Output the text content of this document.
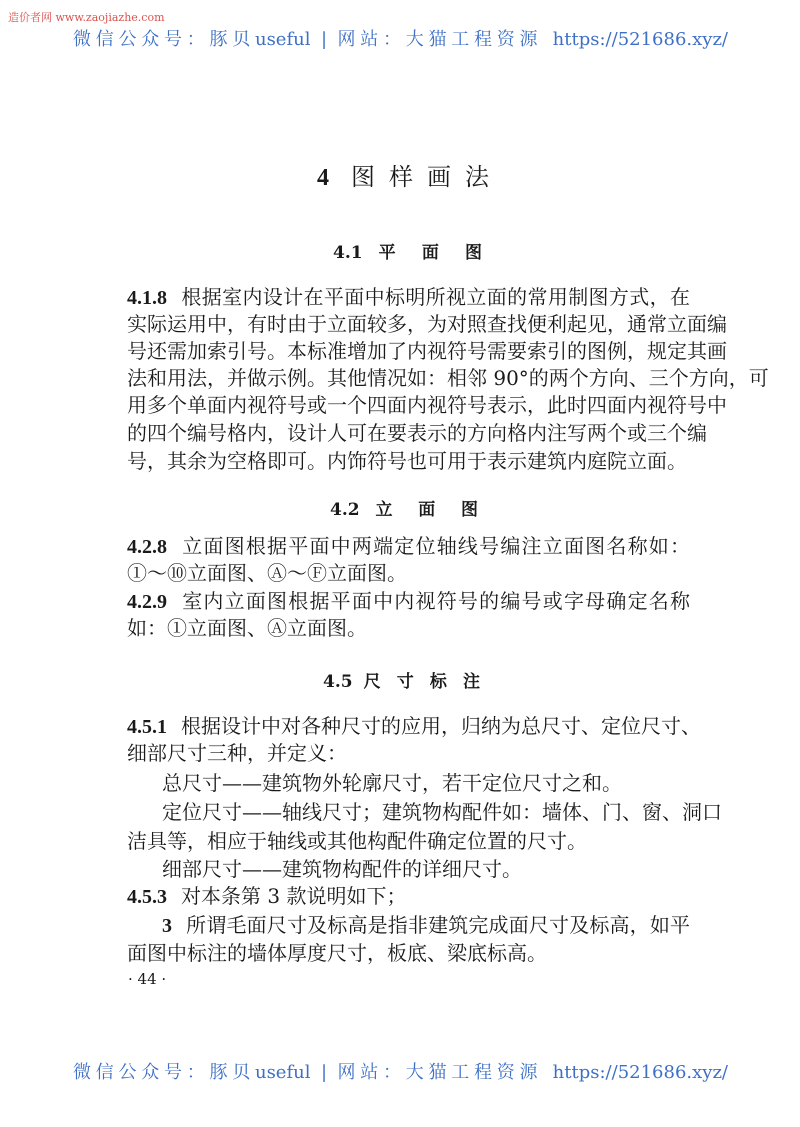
造价者网 www.zaojiazhe.com
微信公众号：豚贝useful | 网站：大猫工程资源 https://521686.xyz/
4 图样画法
4.1 平 面 图
4.1.8 根据室内设计在平面中标明所视立面的常用制图方式，在
实际运用中，有时由于立面较多，为对照查找便利起见，通常立面编
号还需加索引号。本标准增加了内视符号需要索引的图例，规定其画
法和用法，并做示例。其他情况如：相邻 90°的两个方向、三个方向，可
用多个单面内视符号或一个四面内视符号表示，此时四面内视符号中
的四个编号格内，设计人可在要表示的方向格内注写两个或三个编
号，其余为空格即可。内饰符号也可用于表示建筑内庭院立面。
4.2 立 面 图
4.2.8 立面图根据平面中两端定位轴线号编注立面图名称如：
①～⑩立面图、Ⓐ～Ⓕ立面图。
4.2.9 室内立面图根据平面中内视符号的编号或字母确定名称
如：①立面图、Ⓐ立面图。
4.5 尺 寸 标 注
4.5.1 根据设计中对各种尺寸的应用，归纳为总尺寸、定位尺寸、
细部尺寸三种，并定义：
总尺寸——建筑物外轮廓尺寸，若干定位尺寸之和。
定位尺寸——轴线尺寸；建筑物构配件如：墙体、门、窗、洞口
洁具等，相应于轴线或其他构配件确定位置的尺寸。
细部尺寸——建筑物构配件的详细尺寸。
4.5.3 对本条第 3 款说明如下；
3 所谓毛面尺寸及标高是指非建筑完成面尺寸及标高，如平
面图中标注的墙体厚度尺寸，板底、梁底标高。
· 44 ·
微信公众号：豚贝useful | 网站：大猫工程资源 https://521686.xyz/
